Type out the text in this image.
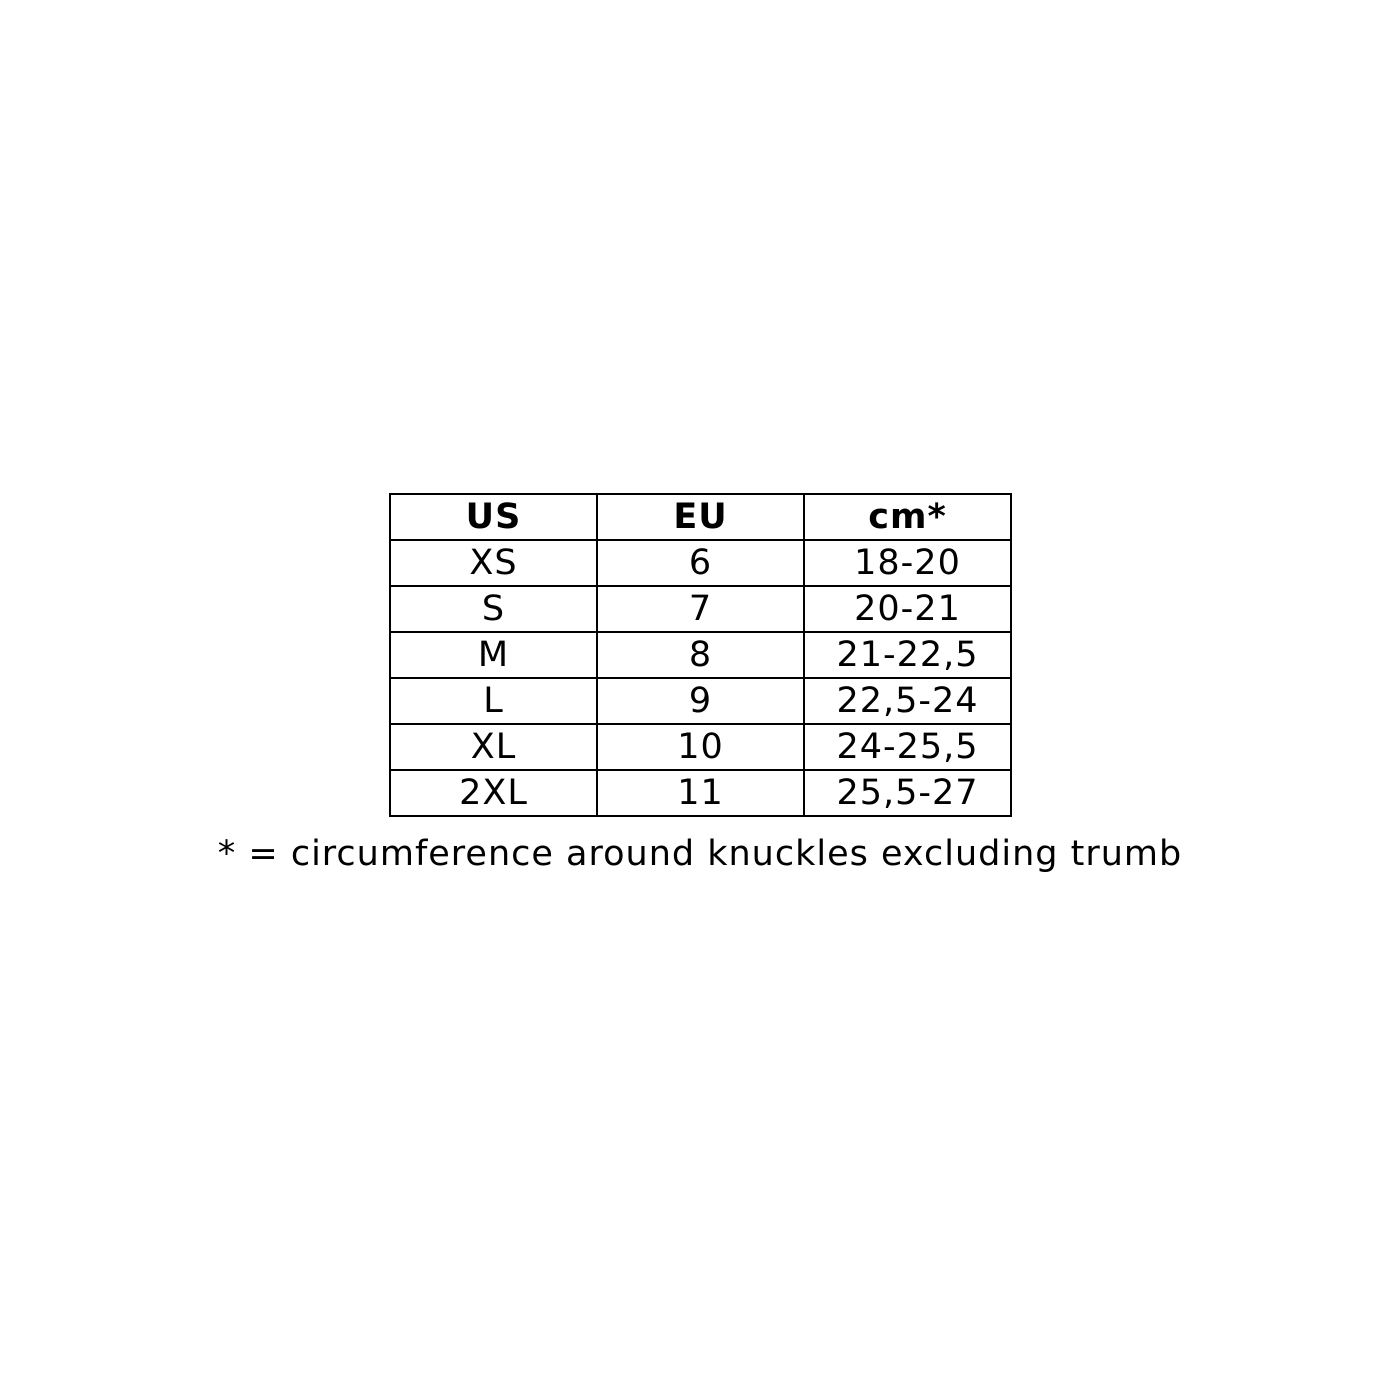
US	EU	cm*
XS	6	18-20
S	7	20-21
M	8	21-22,5
L	9	22,5-24
XL	10	24-25,5
2XL	11	25,5-27
* = circumference around knuckles excluding trumb
